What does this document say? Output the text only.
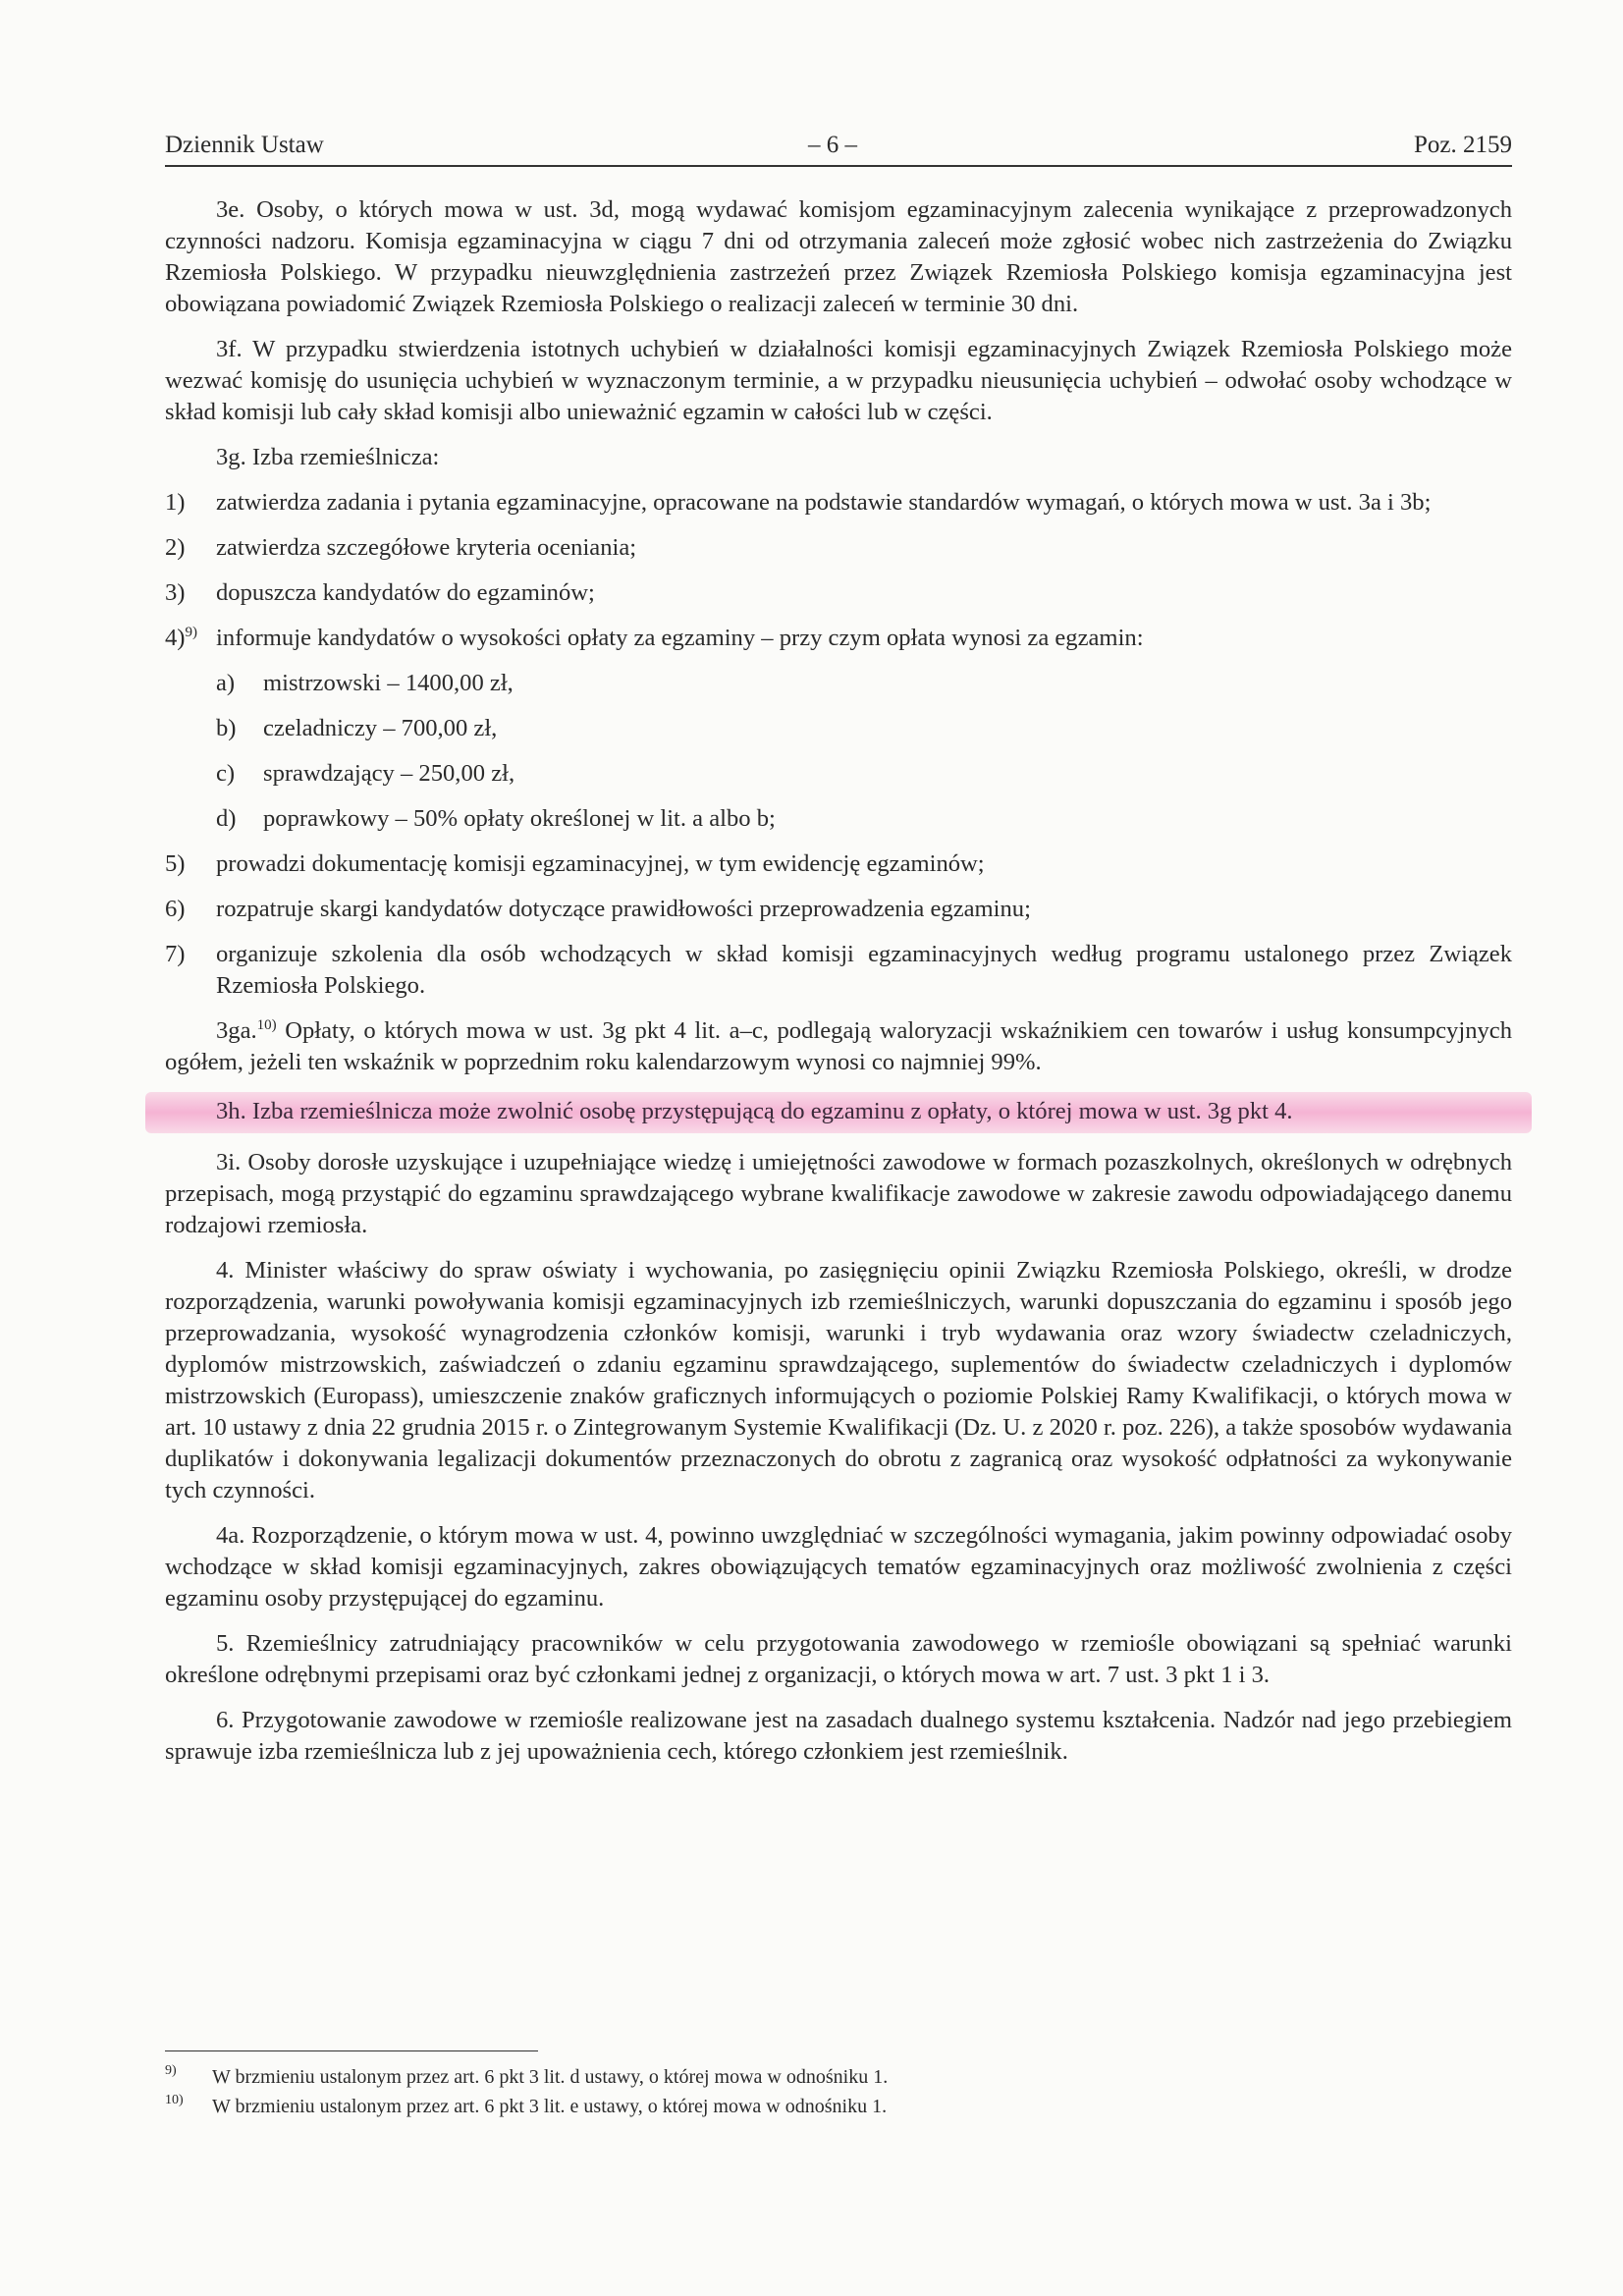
Dziennik Ustaw	– 6 –	Poz. 2159

3e. Osoby, o których mowa w ust. 3d, mogą wydawać komisjom egzaminacyjnym zalecenia wynikające z przeprowadzonych czynności nadzoru. Komisja egzaminacyjna w ciągu 7 dni od otrzymania zaleceń może zgłosić wobec nich zastrzeżenia do Związku Rzemiosła Polskiego. W przypadku nieuwzględnienia zastrzeżeń przez Związek Rzemiosła Polskiego komisja egzaminacyjna jest obowiązana powiadomić Związek Rzemiosła Polskiego o realizacji zaleceń w terminie 30 dni.

3f. W przypadku stwierdzenia istotnych uchybień w działalności komisji egzaminacyjnych Związek Rzemiosła Polskiego może wezwać komisję do usunięcia uchybień w wyznaczonym terminie, a w przypadku nieusunięcia uchybień – odwołać osoby wchodzące w skład komisji lub cały skład komisji albo unieważnić egzamin w całości lub w części.

3g. Izba rzemieślnicza:

1) zatwierdza zadania i pytania egzaminacyjne, opracowane na podstawie standardów wymagań, o których mowa w ust. 3a i 3b;
2) zatwierdza szczegółowe kryteria oceniania;
3) dopuszcza kandydatów do egzaminów;
4)$^{9)}$ informuje kandydatów o wysokości opłaty za egzaminy – przy czym opłata wynosi za egzamin:
a) mistrzowski – 1400,00 zł,
b) czeladniczy – 700,00 zł,
c) sprawdzający – 250,00 zł,
d) poprawkowy – 50% opłaty określonej w lit. a albo b;
5) prowadzi dokumentację komisji egzaminacyjnej, w tym ewidencję egzaminów;
6) rozpatruje skargi kandydatów dotyczące prawidłowości przeprowadzenia egzaminu;
7) organizuje szkolenia dla osób wchodzących w skład komisji egzaminacyjnych według programu ustalonego przez Związek Rzemiosła Polskiego.

3ga.$^{10)}$ Opłaty, o których mowa w ust. 3g pkt 4 lit. a–c, podlegają waloryzacji wskaźnikiem cen towarów i usług konsumpcyjnych ogółem, jeżeli ten wskaźnik w poprzednim roku kalendarzowym wynosi co najmniej 99%.

3h. Izba rzemieślnicza może zwolnić osobę przystępującą do egzaminu z opłaty, o której mowa w ust. 3g pkt 4.

3i. Osoby dorosłe uzyskujące i uzupełniające wiedzę i umiejętności zawodowe w formach pozaszkolnych, określonych w odrębnych przepisach, mogą przystąpić do egzaminu sprawdzającego wybrane kwalifikacje zawodowe w zakresie zawodu odpowiadającego danemu rodzajowi rzemiosła.

4. Minister właściwy do spraw oświaty i wychowania, po zasięgnięciu opinii Związku Rzemiosła Polskiego, określi, w drodze rozporządzenia, warunki powoływania komisji egzaminacyjnych izb rzemieślniczych, warunki dopuszczania do egzaminu i sposób jego przeprowadzania, wysokość wynagrodzenia członków komisji, warunki i tryb wydawania oraz wzory świadectw czeladniczych, dyplomów mistrzowskich, zaświadczeń o zdaniu egzaminu sprawdzającego, suplementów do świadectw czeladniczych i dyplomów mistrzowskich (Europass), umieszczenie znaków graficznych informujących o poziomie Polskiej Ramy Kwalifikacji, o których mowa w art. 10 ustawy z dnia 22 grudnia 2015 r. o Zintegrowanym Systemie Kwalifikacji (Dz. U. z 2020 r. poz. 226), a także sposobów wydawania duplikatów i dokonywania legalizacji dokumentów przeznaczonych do obrotu z zagranicą oraz wysokość odpłatności za wykonywanie tych czynności.

4a. Rozporządzenie, o którym mowa w ust. 4, powinno uwzględniać w szczególności wymagania, jakim powinny odpowiadać osoby wchodzące w skład komisji egzaminacyjnych, zakres obowiązujących tematów egzaminacyjnych oraz możliwość zwolnienia z części egzaminu osoby przystępującej do egzaminu.

5. Rzemieślnicy zatrudniający pracowników w celu przygotowania zawodowego w rzemiośle obowiązani są spełniać warunki określone odrębnymi przepisami oraz być członkami jednej z organizacji, o których mowa w art. 7 ust. 3 pkt 1 i 3.

6. Przygotowanie zawodowe w rzemiośle realizowane jest na zasadach dualnego systemu kształcenia. Nadzór nad jego przebiegiem sprawuje izba rzemieślnicza lub z jej upoważnienia cech, którego członkiem jest rzemieślnik.

9) W brzmieniu ustalonym przez art. 6 pkt 3 lit. d ustawy, o której mowa w odnośniku 1.
10) W brzmieniu ustalonym przez art. 6 pkt 3 lit. e ustawy, o której mowa w odnośniku 1.
